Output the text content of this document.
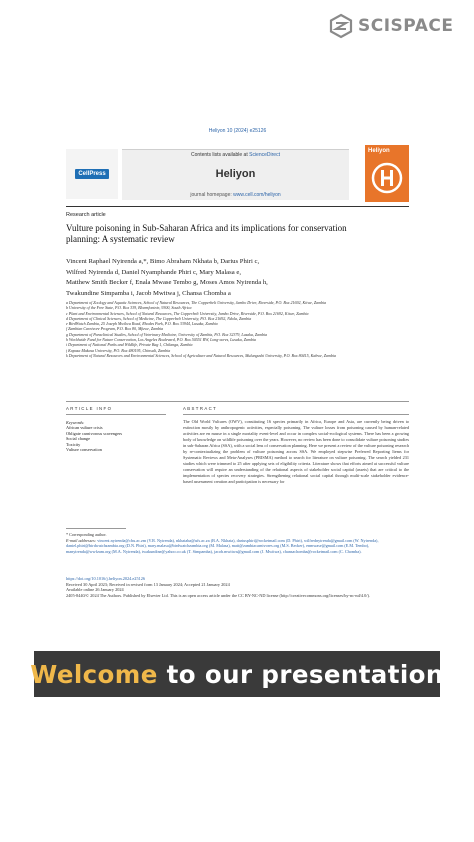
SCISPACE
Heliyon 10 (2024) e25126
CellPress
Contents lists available at ScienceDirect
Heliyon
journal homepage: www.cell.com/heliyon
Heliyon
Research article
Vulture poisoning in Sub-Saharan Africa and its implications for conservation planning: A systematic review
Vincent Raphael Nyirenda a,*, Bimo Abraham Nkhata b, Darius Phiri c,
Wilfred Nyirenda d, Daniel Nyamphande Phiri c, Mary Malasa e,
Matthew Smith Becker f, Enala Mwase Tembo g, Moses Amos Nyirenda h,
Twakundine Simpamba i, Jacob Mwitwa j, Chansa Chomba a
a Department of Zoology and Aquatic Sciences, School of Natural Resources, The Copperbelt University, Jambo Drive, Riverside, P.O. Box 21692, Kitwe, Zambia
b University of the Free State, P.O. Box 339, Bloemfontein, 9300, South Africa
c Plant and Environmental Sciences, School of Natural Resources, The Copperbelt University, Jambo Drive, Riverside, P.O. Box 21692, Kitwe, Zambia
d Department of Clinical Sciences, School of Medicine, The Copperbelt University, P.O. Box 21692, Ndola, Zambia
e BirdWatch Zambia, 25 Joseph Mwilwa Road, Rhodes Park, P.O. Box 33944, Lusaka, Zambia
f Zambian Carnivore Program, P.O. Box 80, Mfuwe, Zambia
g Department of Paraclinical Studies, School of Veterinary Medicine, University of Zambia, P.O. Box 32379, Lusaka, Zambia
h Worldwide Fund for Nature Conservation, Los Angeles Boulevard, P.O. Box 50551 RW, Long-acres, Lusaka, Zambia
i Department of National Parks and Wildlife, Private Bag 1, Chilanga, Zambia
j Kapasa Makasa University, P.O. Box 480195, Chinsali, Zambia
k Department of Natural Resources and Environmental Sciences, School of Agriculture and Natural Resources, Mulungushi University, P.O. Box 80415, Kabwe, Zambia
ARTICLE INFO	ABSTRACT
Keywords:
African vulture crisis
Obligate carnivorous scavengers
Social change
Toxicity
Vulture conservation
The Old World Vultures (OWV), constituting 16 species primarily in Africa, Europe and Asia, are currently being driven to extinction mostly by anthropogenic activities, especially poisoning. The vulture losses from poisoning caused by human-related activities are en masse in a single mortality event-level and occur in complex social-ecological systems. There has been a growing body of knowledge on wildlife poisoning over the years. However, no review has been done to consolidate vulture poisoning studies in sub-Saharan Africa (SSA), with a social lens of conservation planning. Here we present a review of the vulture poisoning research by re-contextualizing the problem of vulture poisoning across SSA. We employed stepwise Preferred Reporting Items for Systematic Reviews and Meta-Analyses (PRISMA) method to search for literature on vulture poisoning. The search yielded 231 studies which were trimmed to 25 after applying sets of eligibility criteria. Literature shows that efforts aimed at successful vulture conservation will require an understanding of the relational aspects of stakeholder social capital (assets) that are critical to the implementation of species recovery strategies. Strengthening relational social capital through multi-scale stakeholder evidence-based assessment creation and participation is necessary for
* Corresponding author.
E-mail addresses: vincent.nyirenda@cbu.ac.zm (V.R. Nyirenda), nkhataba@ufs.ac.za (B.A. Nkhata), dariusphiri@rocketmail.com (D. Phiri), wilfrednyirenda@gmail.com (W. Nyirenda), daniel.phiri@birdwatchzambia.org (D.N. Phiri), mary.malasa@birdwatchzambia.org (M. Malasa), matt@zambiacarnivores.org (M.S. Becker), enmwase@gmail.com (E.M. Tembo), manyirenda@wwfzam.org (M.A. Nyirenda), twakundine@yahoo.co.uk (T. Simpamba), jacob.mwitwa@gmail.com (J. Mwitwa), chansachomba@rocketmail.com (C. Chomba).
https://doi.org/10.1016/j.heliyon.2024.e25126
Received 30 April 2023; Received in revised form 13 January 2024; Accepted 21 January 2024
Available online 26 January 2024
2405-8440/© 2024 The Authors. Published by Elsevier Ltd. This is an open access article under the CC BY-NC-ND license (http://creativecommons.org/licenses/by-nc-nd/4.0/).
Welcome to our presentation
